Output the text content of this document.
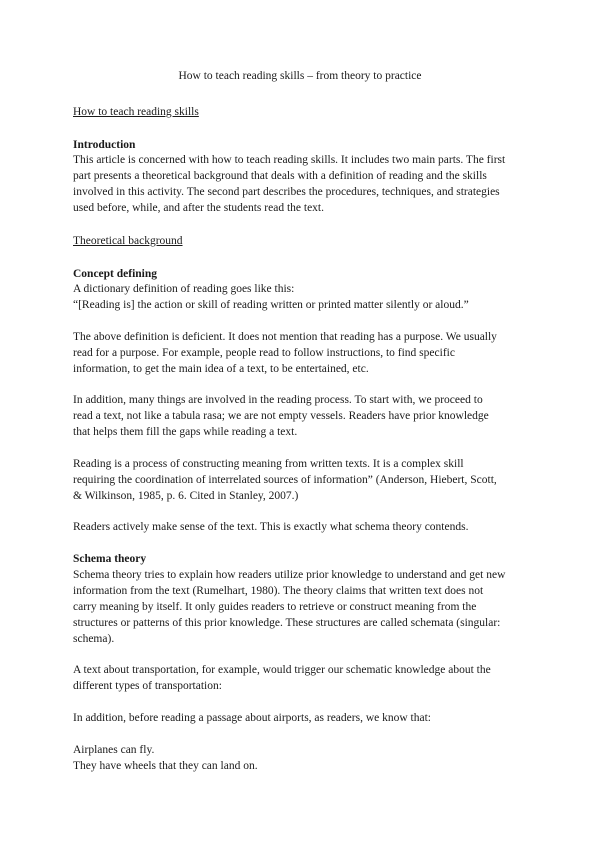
How to teach reading skills – from theory to practice
How to teach reading skills
Introduction
This article is concerned with how to teach reading skills. It includes two main parts. The first
part presents a theoretical background that deals with a definition of reading and the skills
involved in this activity. The second part describes the procedures, techniques, and strategies
used before, while, and after the students read the text.
Theoretical background
Concept defining
A dictionary definition of reading goes like this:
“[Reading is] the action or skill of reading written or printed matter silently or aloud.”
The above definition is deficient. It does not mention that reading has a purpose. We usually
read for a purpose. For example, people read to follow instructions, to find specific
information, to get the main idea of a text, to be entertained, etc.
In addition, many things are involved in the reading process. To start with, we proceed to
read a text, not like a tabula rasa; we are not empty vessels. Readers have prior knowledge
that helps them fill the gaps while reading a text.
Reading is a process of constructing meaning from written texts. It is a complex skill
requiring the coordination of interrelated sources of information” (Anderson, Hiebert, Scott,
& Wilkinson, 1985, p. 6. Cited in Stanley, 2007.)
Readers actively make sense of the text. This is exactly what schema theory contends.
Schema theory
Schema theory tries to explain how readers utilize prior knowledge to understand and get new
information from the text (Rumelhart, 1980). The theory claims that written text does not
carry meaning by itself. It only guides readers to retrieve or construct meaning from the
structures or patterns of this prior knowledge. These structures are called schemata (singular:
schema).
A text about transportation, for example, would trigger our schematic knowledge about the
different types of transportation:
In addition, before reading a passage about airports, as readers, we know that:
Airplanes can fly.
They have wheels that they can land on.
